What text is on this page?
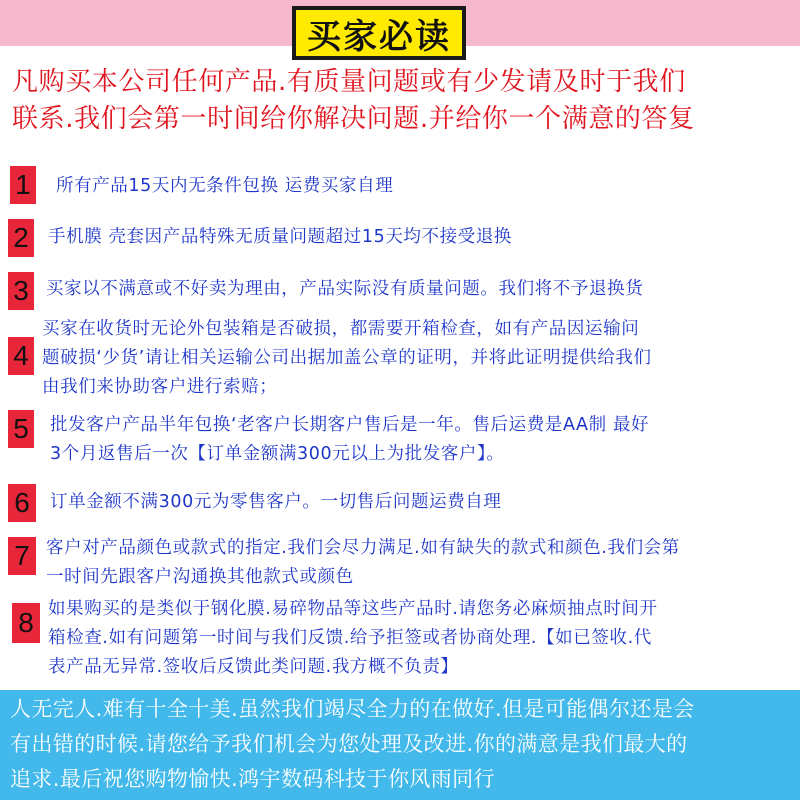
买家必读
凡购买本公司任何产品.有质量问题或有少发请及时于我们
联系.我们会第一时间给你解决问题.并给你一个满意的答复
1 所有产品15天内无条件包换 运费买家自理
2 手机膜 壳套因产品特殊无质量问题超过15天均不接受退换
3 买家以不满意或不好卖为理由，产品实际没有质量问题。我们将不予退换货
4
买家在收货时无论外包装箱是否破损，都需要开箱检查，如有产品因运输问
题破损‘少货’请让相关运输公司出据加盖公章的证明，并将此证明提供给我们
由我们来协助客户进行索赔；
5 批发客户产品半年包换‘老客户长期客户售后是一年。售后运费是AA制 最好
3个月返售后一次【订单金额满300元以上为批发客户】。
6	订单金额不满300元为零售客户。一切售后问题运费自理
7 客户对产品颜色或款式的指定.我们会尽力满足.如有缺失的款式和颜色.我们会第
一时间先跟客户沟通换其他款式或颜色
8 如果购买的是类似于钢化膜.易碎物品等这些产品时.请您务必麻烦抽点时间开
箱检查.如有问题第一时间与我们反馈.给予拒签或者协商处理.【如已签收.代
表产品无异常.签收后反馈此类问题.我方概不负责】
人无完人.难有十全十美.虽然我们竭尽全力的在做好.但是可能偶尔还是会
有出错的时候.请您给予我们机会为您处理及改进.你的满意是我们最大的
追求.最后祝您购物愉快.鸿宇数码科技于你风雨同行
